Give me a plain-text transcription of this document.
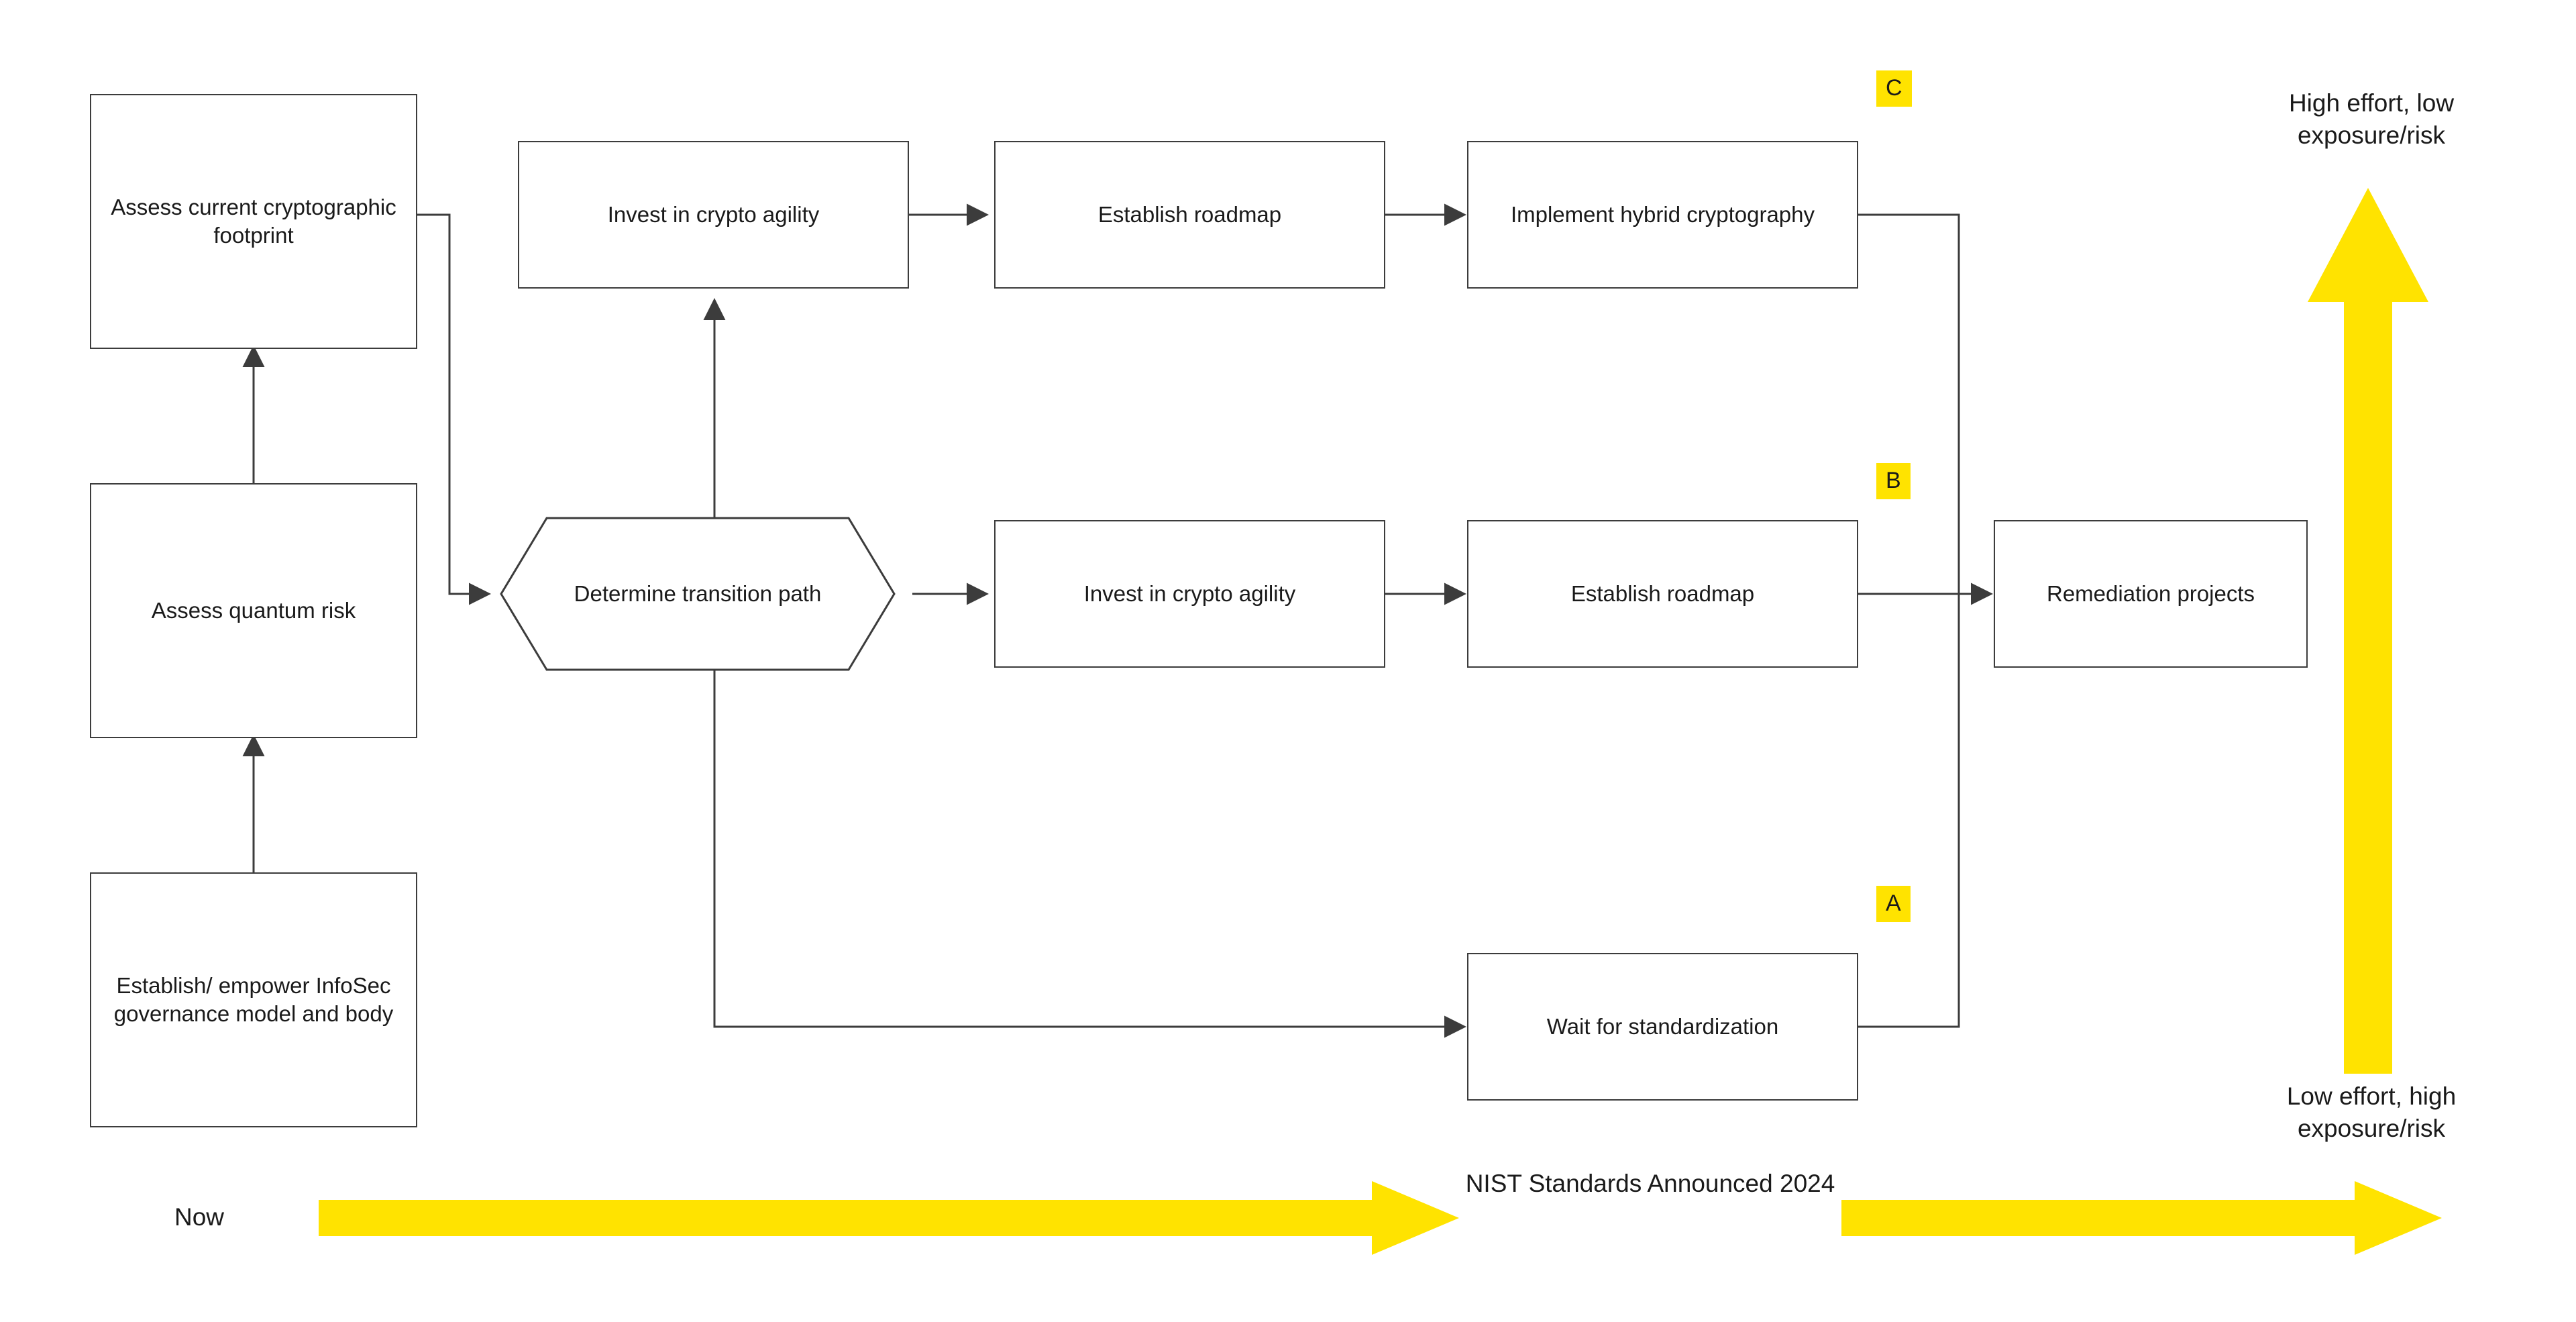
Assess current cryptographic footprint
Assess quantum risk
Establish/ empower InfoSec governance model and body
Determine transition path
Invest in crypto agility	Establish roadmap	Implement hybrid cryptography
Invest in crypto agility	Establish roadmap
Wait for standardization
Remediation projects
C
B
A
High effort, low exposure/risk
Low effort, high exposure/risk
Now
NIST Standards Announced 2024
